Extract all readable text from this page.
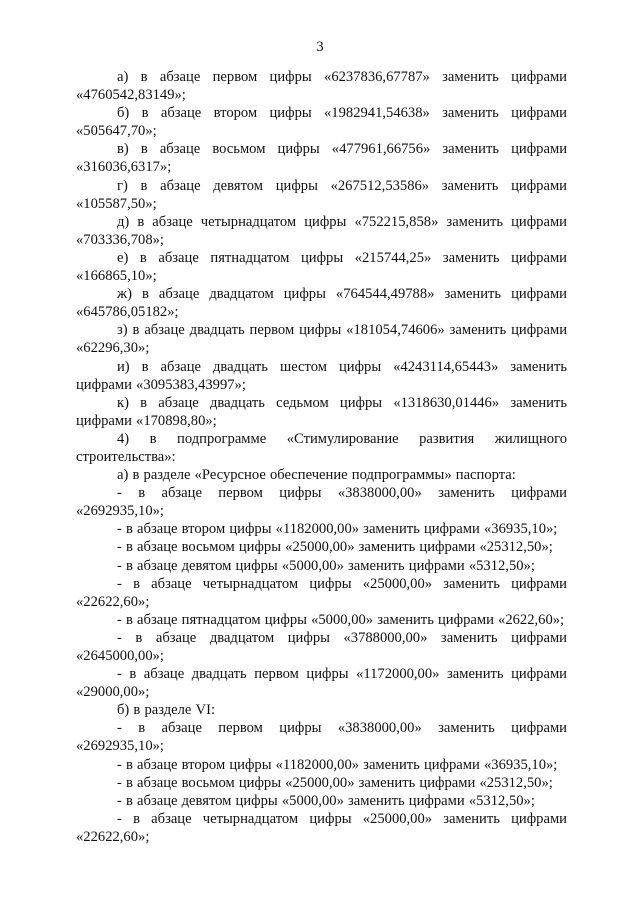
3

а) в абзаце первом цифры «6237836,67787» заменить цифрами «4760542,83149»;

б) в абзаце втором цифры «1982941,54638» заменить цифрами «505647,70»;

в) в абзаце восьмом цифры «477961,66756» заменить цифрами «316036,6317»;

г) в абзаце девятом цифры «267512,53586» заменить цифрами «105587,50»;

д) в абзаце четырнадцатом цифры «752215,858» заменить цифрами «703336,708»;

е) в абзаце пятнадцатом цифры «215744,25» заменить цифрами «166865,10»;

ж) в абзаце двадцатом цифры «764544,49788» заменить цифрами «645786,05182»;

з) в абзаце двадцать первом цифры «181054,74606» заменить цифрами «62296,30»;

и) в абзаце двадцать шестом цифры «4243114,65443» заменить цифрами «3095383,43997»;

к) в абзаце двадцать седьмом цифры «1318630,01446» заменить цифрами «170898,80»;

4) в подпрограмме «Стимулирование развития жилищного строительства»:

а) в разделе «Ресурсное обеспечение подпрограммы» паспорта:

- в абзаце первом цифры «3838000,00» заменить цифрами «2692935,10»;

- в абзаце втором цифры «1182000,00» заменить цифрами «36935,10»;

- в абзаце восьмом цифры «25000,00» заменить цифрами «25312,50»;

- в абзаце девятом цифры «5000,00» заменить цифрами «5312,50»;

- в абзаце четырнадцатом цифры «25000,00» заменить цифрами «22622,60»;

- в абзаце пятнадцатом цифры «5000,00» заменить цифрами «2622,60»;

- в абзаце двадцатом цифры «3788000,00» заменить цифрами «2645000,00»;

- в абзаце двадцать первом цифры «1172000,00» заменить цифрами «29000,00»;

б) в разделе VI:

- в абзаце первом цифры «3838000,00» заменить цифрами «2692935,10»;

- в абзаце втором цифры «1182000,00» заменить цифрами «36935,10»;

- в абзаце восьмом цифры «25000,00» заменить цифрами «25312,50»;

- в абзаце девятом цифры «5000,00» заменить цифрами «5312,50»;

- в абзаце четырнадцатом цифры «25000,00» заменить цифрами «22622,60»;
